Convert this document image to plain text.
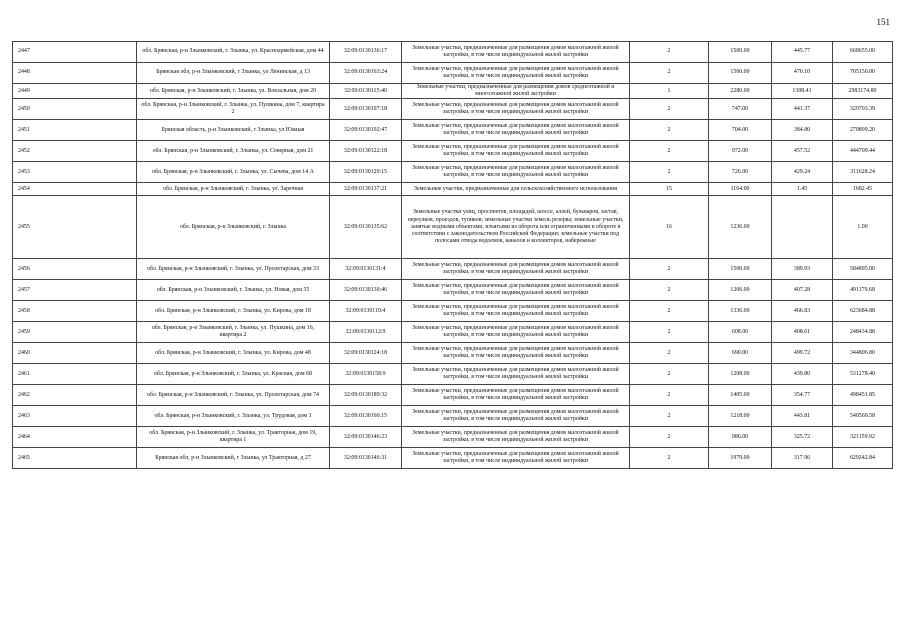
151
2447	обл. Брянская, р-н Злынковский, г. Злынка, ул. Красноармейская, дом 44	32:09:0130136:17	Земельные участки, предназначенные для размещения домов малоэтажной жилой застройки, в том числе индивидуальной жилой застройки	2	1500.00	445.77	668655.00
2448	Брянская обл, р-н Злынковский, г Злынка, ул Ленинская, д 13	32:09:0130163:24	Земельные участки, предназначенные для размещения домов малоэтажной жилой застройки, в том числе индивидуальной жилой застройки	2	1500.00	470.10	705150.00
2449	обл. Брянская, р-н Злынковский, г. Злынка, ул. Вокзальная, дом 20	32:09:0130115:40	Земельные участки, предназначенные для размещения домов среднеэтажной и многоэтажной жилой застройки	1	2280.00	1308.41	2983174.80
2450	обл. Брянская, р-н Злынковский, г. Злынка, ул. Пушкина, дом 7, квартира 2	32:09:0130107:18	Земельные участки, предназначенные для размещения домов малоэтажной жилой застройки, в том числе индивидуальной жилой застройки	2	747.00	441.37	329703.39
2451	Брянская область, р-н Злынковский, г Злынка, ул Южная	32:09:0130192:47	Земельные участки, предназначенные для размещения домов малоэтажной жилой застройки, в том числе индивидуальной жилой застройки	2	704.00	384.80	270899.20
2452	обл. Брянская, р-н Злынковский, г. Злынка, ул. Северная, дом 21	32:09:0130122:18	Земельные участки, предназначенные для размещения домов малоэтажной жилой застройки, в том числе индивидуальной жилой застройки	2	972.00	457.52	444709.44
2453	обл. Брянская, р-н Злынковский, г. Злынка, ул. Сычева, дом 14 А	32:09:0130129:15	Земельные участки, предназначенные для размещения домов малоэтажной жилой застройки, в том числе индивидуальной жилой застройки	2	726.00	429.24	311628.24
2454	обл. Брянская, р-н Злынковский, г. Злынка, ул. Заречная	32:09:0130137:21	Земельные участки, предназначенные для сельскохозяйственного использования	15	1164.00	1.45	1682.45
2455	обл. Брянская, р-н Злынковский, г. Злынка	32:09:0130135:62	Земельные участки улиц, проспектов, площадей, шоссе, аллей, бульваров, застав, переулков, проездов, тупиков; земельные участки земель резерва; земельные участки, занятые водными объектами, изъятыми из оборота или ограниченными в обороте в соответствии с законодательством Российской Федерации; земельные участки под полосами отвода водоемов, каналов и коллекторов, набережные	16	1236.00		1.00
2456	обл. Брянская, р-н Злынковский, г. Злынка, ул. Пролетарская, дом 33	32:09:0130131:4	Земельные участки, предназначенные для размещения домов малоэтажной жилой застройки, в том числе индивидуальной жилой застройки	2	1500.00	389.93	584895.00
2457	обл. Брянская, р-н Злынковский, г. Злынка, ул. Новая, дом 55	32:09:0130130:46	Земельные участки, предназначенные для размещения домов малоэтажной жилой застройки, в том числе индивидуальной жилой застройки	2	1206.00	407.28	491179.68
2458	обл. Брянская, р-н Злынковский, г. Злынка, ул. Кирова, дом 18	32:09:0130110:4	Земельные участки, предназначенные для размещения домов малоэтажной жилой застройки, в том числе индивидуальной жилой застройки	2	1336.00	466.83	623684.88
2459	обл. Брянская, р-н Злынковский, г. Злынка, ул. Пушкина, дом 16, квартира 2	32:09:0130112:9	Земельные участки, предназначенные для размещения домов малоэтажной жилой застройки, в том числе индивидуальной жилой застройки	2	608.00	408.61	248434.88
2460	обл. Брянская, р-н Злынковский, г. Злынка, ул. Кирова, дом 48	32:09:0130124:18	Земельные участки, предназначенные для размещения домов малоэтажной жилой застройки, в том числе индивидуальной жилой застройки	2	690.00	499.72	344806.80
2461	обл. Брянская, р-н Злынковский, г. Злынка, ул. Красная, дом 68	32:09:0130158:9	Земельные участки, предназначенные для размещения домов малоэтажной жилой застройки, в том числе индивидуальной жилой застройки	2	1208.00	439.80	531278.40
2462	обл. Брянская, р-н Злынковский, г. Злынка, ул. Пролетарская, дом 74	32:09:0130189:32	Земельные участки, предназначенные для размещения домов малоэтажной жилой застройки, в том числе индивидуальной жилой застройки	2	1405.00	354.77	498451.85
2463	обл. Брянская, р-н Злынковский, г. Злынка, ул. Трудовая, дом 1	32:09:0130160:15	Земельные участки, предназначенные для размещения домов малоэтажной жилой застройки, в том числе индивидуальной жилой застройки	2	1218.00	443.81	540560.58
2464	обл. Брянская, р-н Злынковский, г. Злынка, ул. Тракторная, дом 19, квартира 1	32:09:0130146:23	Земельные участки, предназначенные для размещения домов малоэтажной жилой застройки, в том числе индивидуальной жилой застройки	2	986.00	325.72	321159.92
2465	Брянская обл, р-н Злынковский, г Злынка, ул Тракторная, д 27	32:09:0130146:31	Земельные участки, предназначенные для размещения домов малоэтажной жилой застройки, в том числе индивидуальной жилой застройки	2	1979.00	317.96	629242.84
